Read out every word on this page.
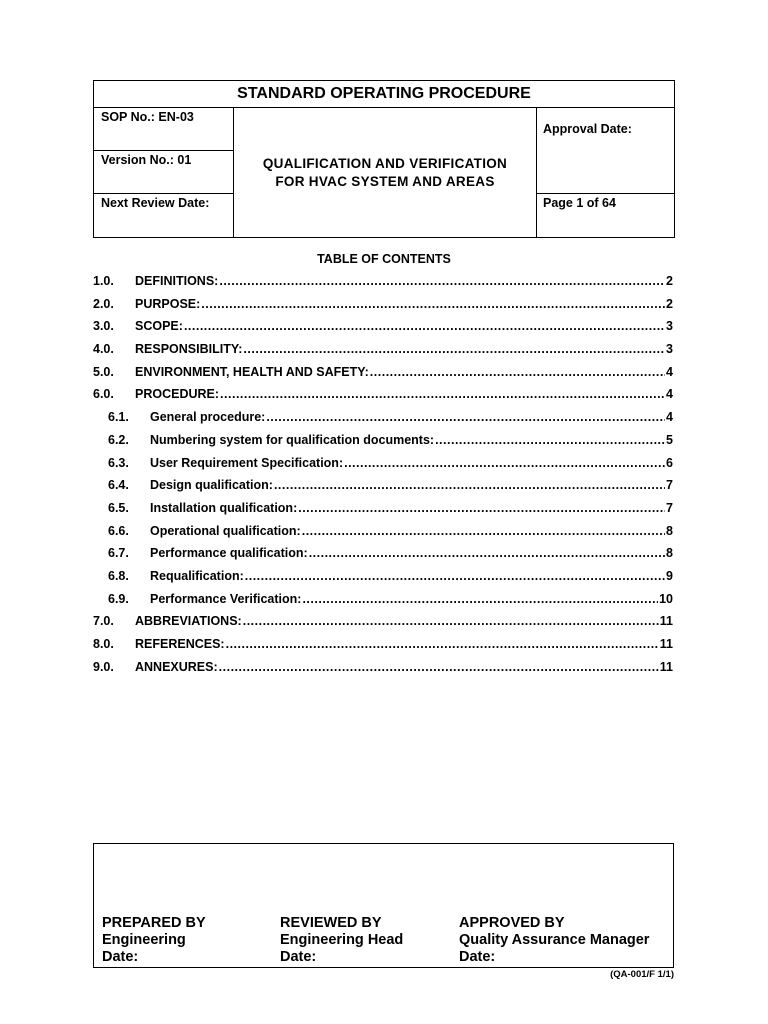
STANDARD OPERATING PROCEDURE
SOP No.: EN-03
Version No.: 01
Next Review Date:
QUALIFICATION AND VERIFICATION
FOR HVAC SYSTEM AND AREAS
Approval Date:
Page 1 of 64
TABLE OF CONTENTS
1.0.	DEFINITIONS: .....	2
2.0.	PURPOSE: .....	2
3.0.	SCOPE: .....	3
4.0.	RESPONSIBILITY: .....	3
5.0.	ENVIRONMENT, HEALTH AND SAFETY: .....	4
6.0.	PROCEDURE: .....	4
6.1.	General procedure: .....	4
6.2.	Numbering system for qualification documents: .....	5
6.3.	User Requirement Specification: .....	6
6.4.	Design qualification: .....	7
6.5.	Installation qualification: .....	7
6.6.	Operational qualification: .....	8
6.7.	Performance qualification: .....	8
6.8.	Requalification: .....	9
6.9.	Performance Verification: .....	10
7.0.	ABBREVIATIONS: .....	11
8.0.	REFERENCES: .....	11
9.0.	ANNEXURES: .....	11
PREPARED BY
Engineering
Date:
REVIEWED BY
Engineering Head
Date:
APPROVED BY
Quality Assurance Manager
Date:
(QA-001/F 1/1)
